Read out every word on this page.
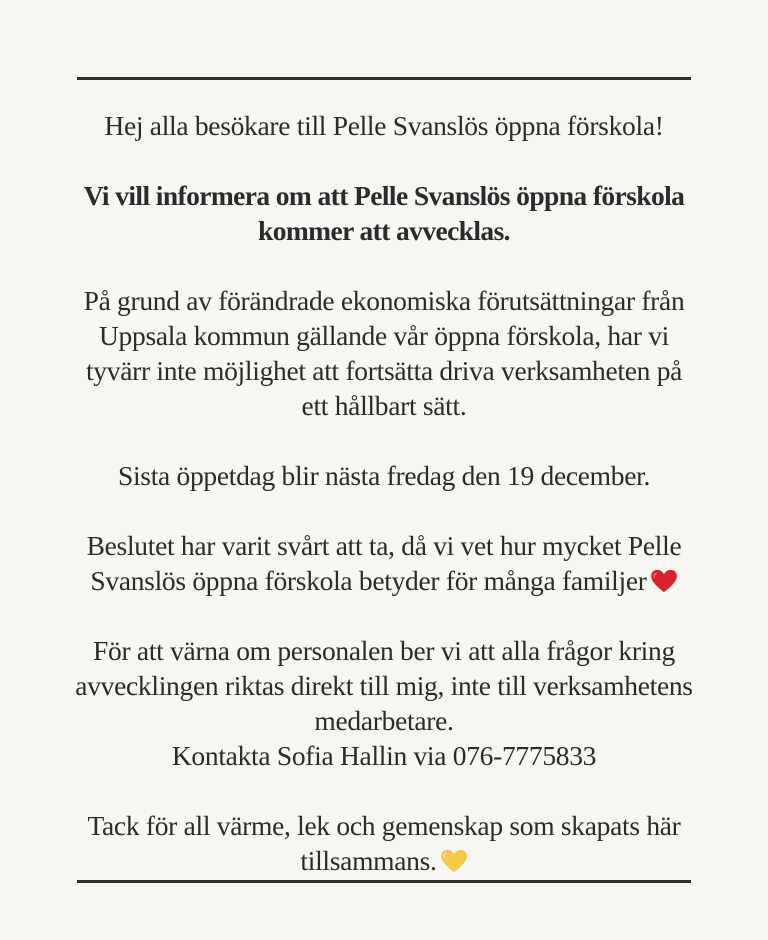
Hej alla besökare till Pelle Svanslös öppna förskola!

Vi vill informera om att Pelle Svanslös öppna förskola

kommer att avvecklas.

På grund av förändrade ekonomiska förutsättningar från

Uppsala kommun gällande vår öppna förskola, har vi

tyvärr inte möjlighet att fortsätta driva verksamheten på

ett hållbart sätt.

Sista öppetdag blir nästa fredag den 19 december.

Beslutet har varit svårt att ta, då vi vet hur mycket Pelle

Svanslös öppna förskola betyder för många familjer

För att värna om personalen ber vi att alla frågor kring

avvecklingen riktas direkt till mig, inte till verksamhetens

medarbetare.

Kontakta Sofia Hallin via 076-7775833

Tack för all värme, lek och gemenskap som skapats här

tillsammans.
